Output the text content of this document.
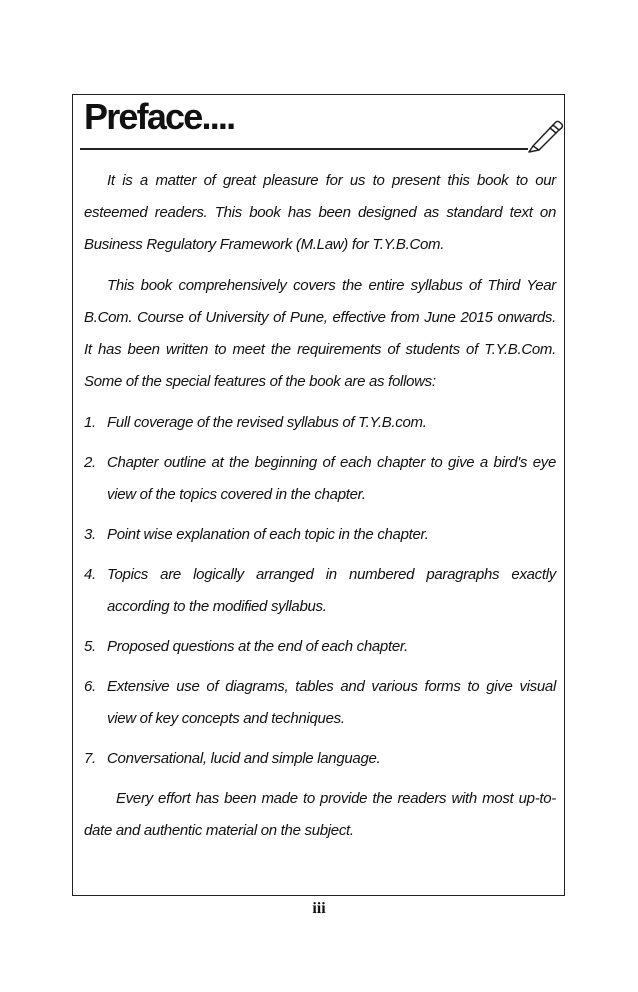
Preface....

It is a matter of great pleasure for us to present this book to our esteemed readers. This book has been designed as standard text on Business Regulatory Framework (M.Law) for T.Y.B.Com.

This book comprehensively covers the entire syllabus of Third Year B.Com. Course of University of Pune, effective from June 2015 onwards. It has been written to meet the requirements of students of T.Y.B.Com. Some of the special features of the book are as follows:

1. Full coverage of the revised syllabus of T.Y.B.com.
2. Chapter outline at the beginning of each chapter to give a bird's eye view of the topics covered in the chapter.
3. Point wise explanation of each topic in the chapter.
4. Topics are logically arranged in numbered paragraphs exactly according to the modified syllabus.
5. Proposed questions at the end of each chapter.
6. Extensive use of diagrams, tables and various forms to give visual view of key concepts and techniques.
7. Conversational, lucid and simple language.

Every effort has been made to provide the readers with most up-to-date and authentic material on the subject.

iii
